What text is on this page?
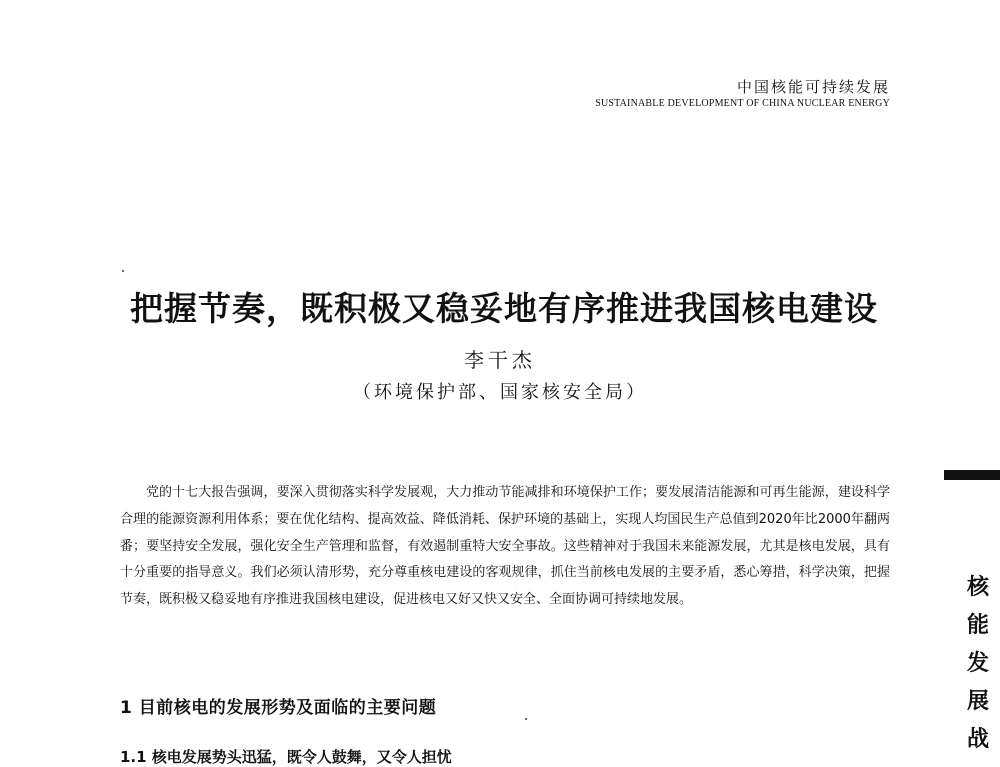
中国核能可持续发展
SUSTAINABLE DEVELOPMENT OF CHINA NUCLEAR ENERGY
把握节奏，既积极又稳妥地有序推进我国核电建设
李干杰
（环境保护部、国家核安全局）

党的十七大报告强调，要深入贯彻落实科学发展观，大力推动节能减排和环境保护工作；要发展清洁能源和可再生能源，建设科学合理的能源资源利用体系；要在优化结构、提高效益、降低消耗、保护环境的基础上，实现人均国民生产总值到2020年比2000年翻两番；要坚持安全发展，强化安全生产管理和监督，有效遏制重特大安全事故。这些精神对于我国未来能源发展，尤其是核电发展，具有十分重要的指导意义。我们必须认清形势，充分尊重核电建设的客观规律，抓住当前核电发展的主要矛盾，悉心筹措，科学决策，把握节奏，既积极又稳妥地有序推进我国核电建设，促进核电又好又快又安全、全面协调可持续地发展。

1 目前核电的发展形势及面临的主要问题
1.1 核电发展势头迅猛，既令人鼓舞，又令人担忧
核
能
发
展
战
